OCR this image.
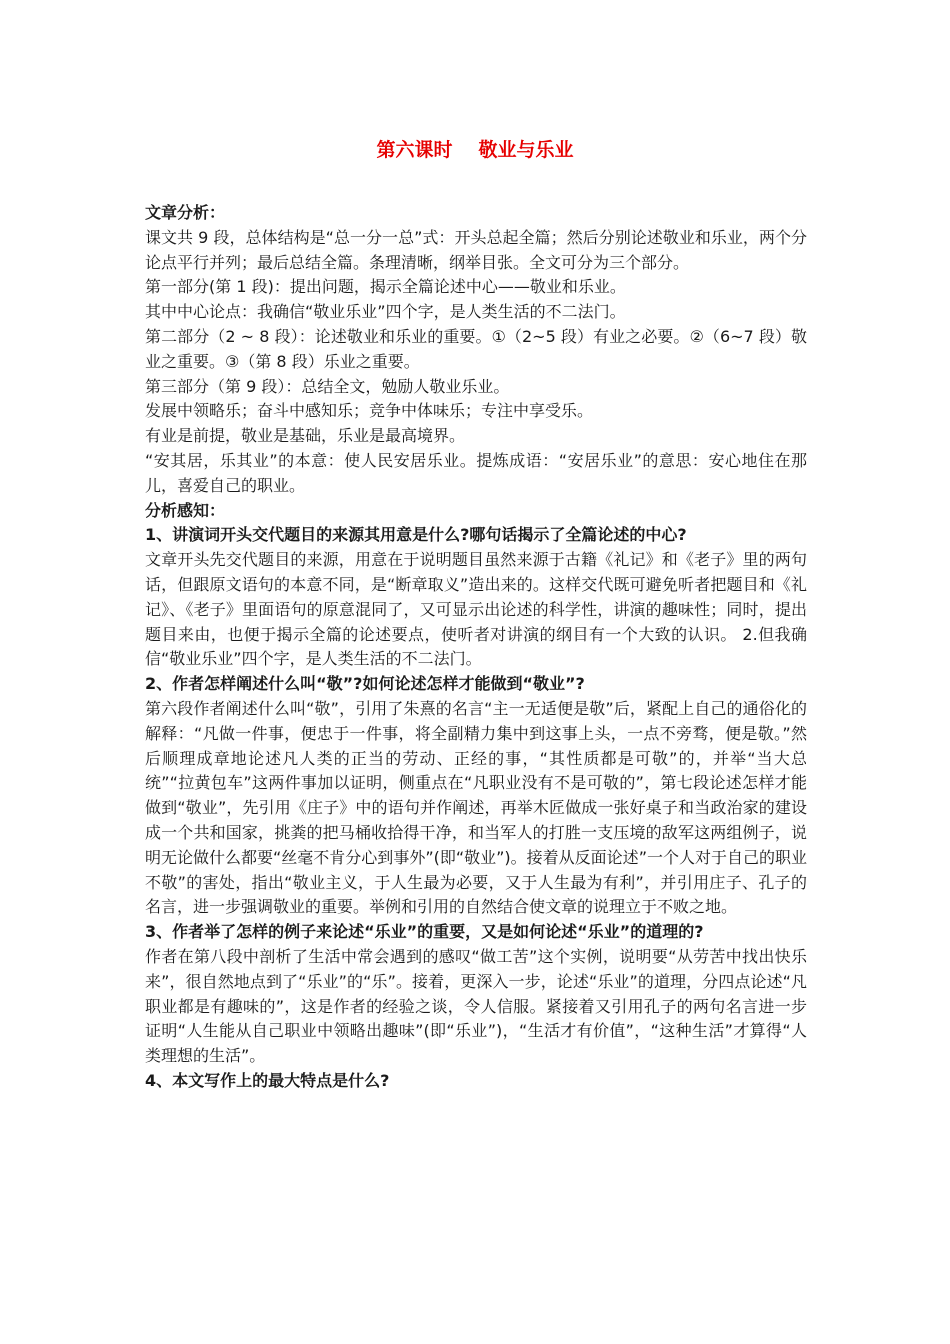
第六课时 敬业与乐业

文章分析：

课文共 9 段，总体结构是“总一分一总”式：开头总起全篇；然后分别论述敬业和乐业，两个分论点平行并列；最后总结全篇。条理清晰，纲举目张。全文可分为三个部分。

第一部分(第 1 段)：提出问题，揭示全篇论述中心——敬业和乐业。

其中中心论点：我确信“敬业乐业”四个字，是人类生活的不二法门。

第二部分（2 ~ 8 段）：论述敬业和乐业的重要。①（2~5 段）有业之必要。②（6~7 段）敬业之重要。③（第 8 段）乐业之重要。

第三部分（第 9 段）：总结全文，勉励人敬业乐业。

发展中领略乐；奋斗中感知乐；竞争中体味乐；专注中享受乐。

有业是前提，敬业是基础，乐业是最高境界。

“安其居，乐其业”的本意：使人民安居乐业。提炼成语：“安居乐业”的意思：安心地住在那儿，喜爱自己的职业。

分析感知：

1、讲演词开头交代题目的来源其用意是什么?哪句话揭示了全篇论述的中心?

文章开头先交代题目的来源，用意在于说明题目虽然来源于古籍《礼记》和《老子》里的两句话，但跟原文语句的本意不同，是“断章取义”造出来的。这样交代既可避免听者把题目和《礼记》、《老子》里面语句的原意混同了，又可显示出论述的科学性，讲演的趣味性；同时，提出题目来由，也便于揭示全篇的论述要点，使听者对讲演的纲目有一个大致的认识。 2.但我确信“敬业乐业”四个字，是人类生活的不二法门。

2、作者怎样阐述什么叫“敬”?如何论述怎样才能做到“敬业”?

第六段作者阐述什么叫“敬”，引用了朱熹的名言“主一无适便是敬”后，紧配上自己的通俗化的解释：“凡做一件事，便忠于一件事，将全副精力集中到这事上头，一点不旁骛，便是敬。”然后顺理成章地论述凡人类的正当的劳动、正经的事，“其性质都是可敬”的，并举“当大总统”“拉黄包车”这两件事加以证明，侧重点在“凡职业没有不是可敬的”，第七段论述怎样才能做到“敬业”，先引用《庄子》中的语句并作阐述，再举木匠做成一张好桌子和当政治家的建设成一个共和国家，挑粪的把马桶收拾得干净，和当军人的打胜一支压境的敌军这两组例子，说明无论做什么都要“丝毫不肯分心到事外”(即“敬业”)。接着从反面论述”一个人对于自己的职业不敬”的害处，指出“敬业主义，于人生最为必要，又于人生最为有利”，并引用庄子、孔子的名言，进一步强调敬业的重要。举例和引用的自然结合使文章的说理立于不败之地。

3、作者举了怎样的例子来论述“乐业”的重要，又是如何论述“乐业”的道理的?

作者在第八段中剖析了生活中常会遇到的感叹“做工苦”这个实例，说明要“从劳苦中找出快乐来”，很自然地点到了“乐业”的“乐”。接着，更深入一步，论述“乐业”的道理，分四点论述“凡职业都是有趣味的”，这是作者的经验之谈，令人信服。紧接着又引用孔子的两句名言进一步证明“人生能从自己职业中领略出趣味”(即“乐业”)，“生活才有价值”，“这种生活”才算得“人类理想的生活”。

4、本文写作上的最大特点是什么?
